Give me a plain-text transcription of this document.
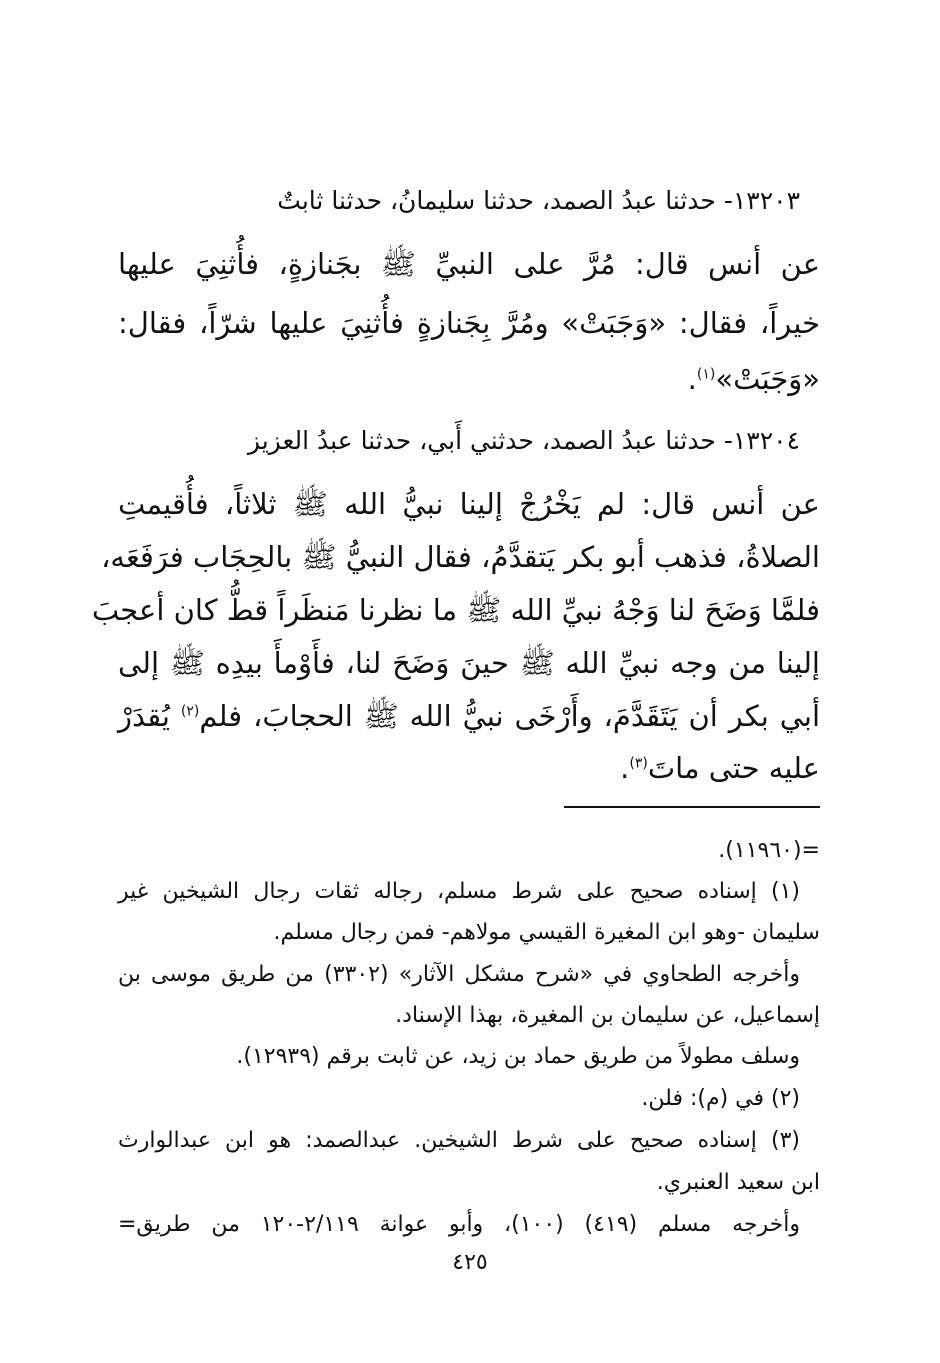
١٣٢٠٣- حدثنا عبدُ الصمد، حدثنا سليمانُ، حدثنا ثابتٌ
عن أنس قال: مُرَّ على النبيِّ ﷺ بجَنازةٍ، فأُثنِيَ عليها
خيراً، فقال: «وَجَبَتْ» ومُرَّ بِجَنازةٍ فأُثنِيَ عليها شرّاً، فقال:
«وَجَبَتْ»$^{(١)}$.
١٣٢٠٤- حدثنا عبدُ الصمد، حدثني أَبي، حدثنا عبدُ العزيز
عن أنس قال: لم يَخْرُجْ إلينا نبيُّ الله ﷺ ثلاثاً، فأُقيمتِ
الصلاةُ، فذهب أبو بكر يَتقدَّمُ، فقال النبيُّ ﷺ بالحِجَاب فرَفَعَه،
فلمَّا وَضَحَ لنا وَجْهُ نبيِّ الله ﷺ ما نظرنا مَنظَراً قطُّ كان أعجبَ
إلينا من وجه نبيِّ الله ﷺ حينَ وَضَحَ لنا، فأَوْمأَ بيدِه ﷺ إلى
أبي بكر أن يَتَقَدَّمَ، وأَرْخَى نبيُّ الله ﷺ الحجابَ، فلم$^{(٢)}$ يُقدَرْ
عليه حتى ماتَ$^{(٣)}$.
=(١١٩٦٠).
(١) إسناده صحيح على شرط مسلم، رجاله ثقات رجال الشيخين غير
سليمان -وهو ابن المغيرة القيسي مولاهم- فمن رجال مسلم.
وأخرجه الطحاوي في «شرح مشكل الآثار» (٣٣٠٢) من طريق موسى بن
إسماعيل، عن سليمان بن المغيرة، بهذا الإسناد.
وسلف مطولاً من طريق حماد بن زيد، عن ثابت برقم (١٢٩٣٩).
(٢) في (م): فلن.
(٣) إسناده صحيح على شرط الشيخين. عبدالصمد: هو ابن عبدالوارث
ابن سعيد العنبري.
وأخرجه مسلم (٤١٩) (١٠٠)، وأبو عوانة ٢/١١٩-١٢٠ من طريق=
٤٢٥
